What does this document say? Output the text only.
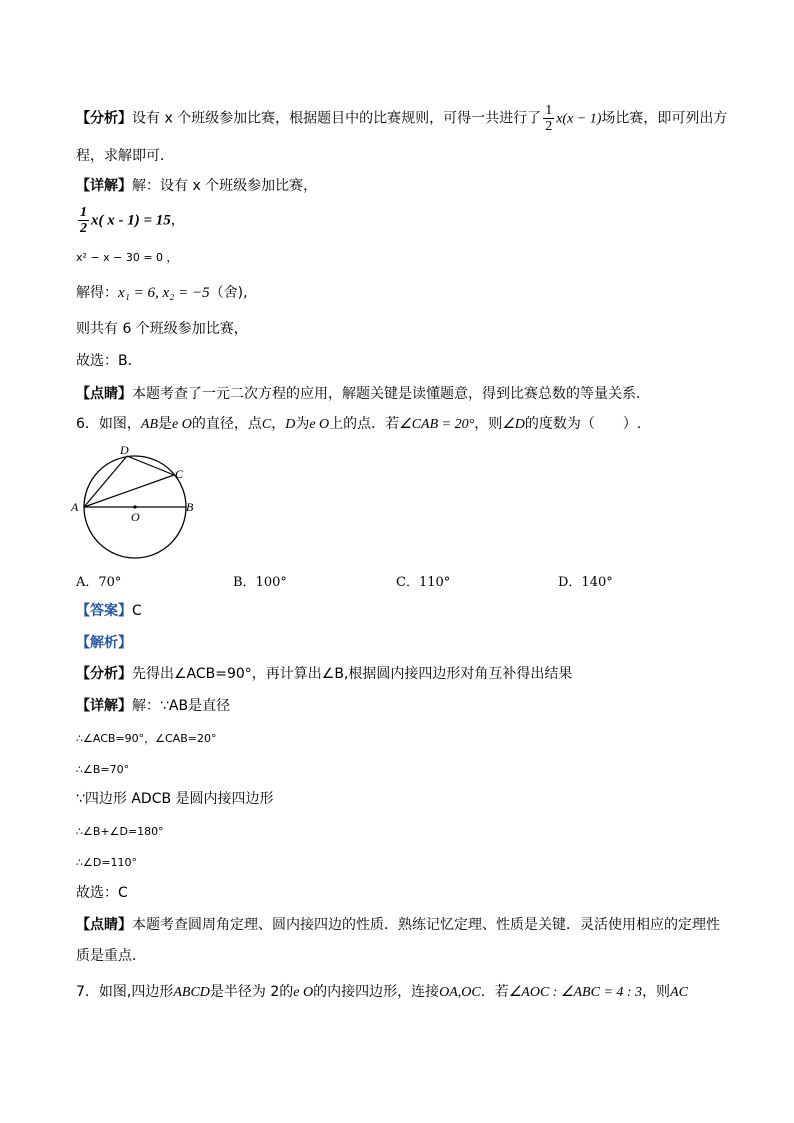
【分析】设有 x 个班级参加比赛，根据题目中的比赛规则，可得一共进行了 $\frac{1}{2} x(x - 1)$场比赛，即可列出方
程，求解即可．
【详解】解：设有 x 个班级参加比赛，
$\frac{1}{2} x$( x - 1) = 15，
x² − x − 30 = 0 ，
解得：x₁ = 6, x₂ = −5（舍),
则共有 6 个班级参加比赛，
故选：B．
【点睛】本题考查了一元二次方程的应用，解题关键是读懂题意，得到比赛总数的等量关系．
6．如图，AB是e O的直径，点C，D为e O上的点．若∠CAB = 20°，则∠D的度数为（　　）.
A	B
C
D
O
A．70°	B．100°	C．110°	D．140°
【答案】C
【解析】
【分析】先得出∠ACB=90°，再计算出∠B,根据圆内接四边形对角互补得出结果
【详解】解：∵AB是直径
∴∠ACB=90°，∠CAB=20°
∴∠B=70°
∵四边形 ADCB 是圆内接四边形
∴∠B+∠D=180°
∴∠D=110°
故选：C
【点睛】本题考查圆周角定理、圆内接四边的性质．熟练记忆定理、性质是关键．灵活使用相应的定理性
质是重点．
7．如图,四边形ABCD是半径为 2的e O的内接四边形，连接OA,OC．若∠AOC : ∠ABC = 4 : 3，则AC
